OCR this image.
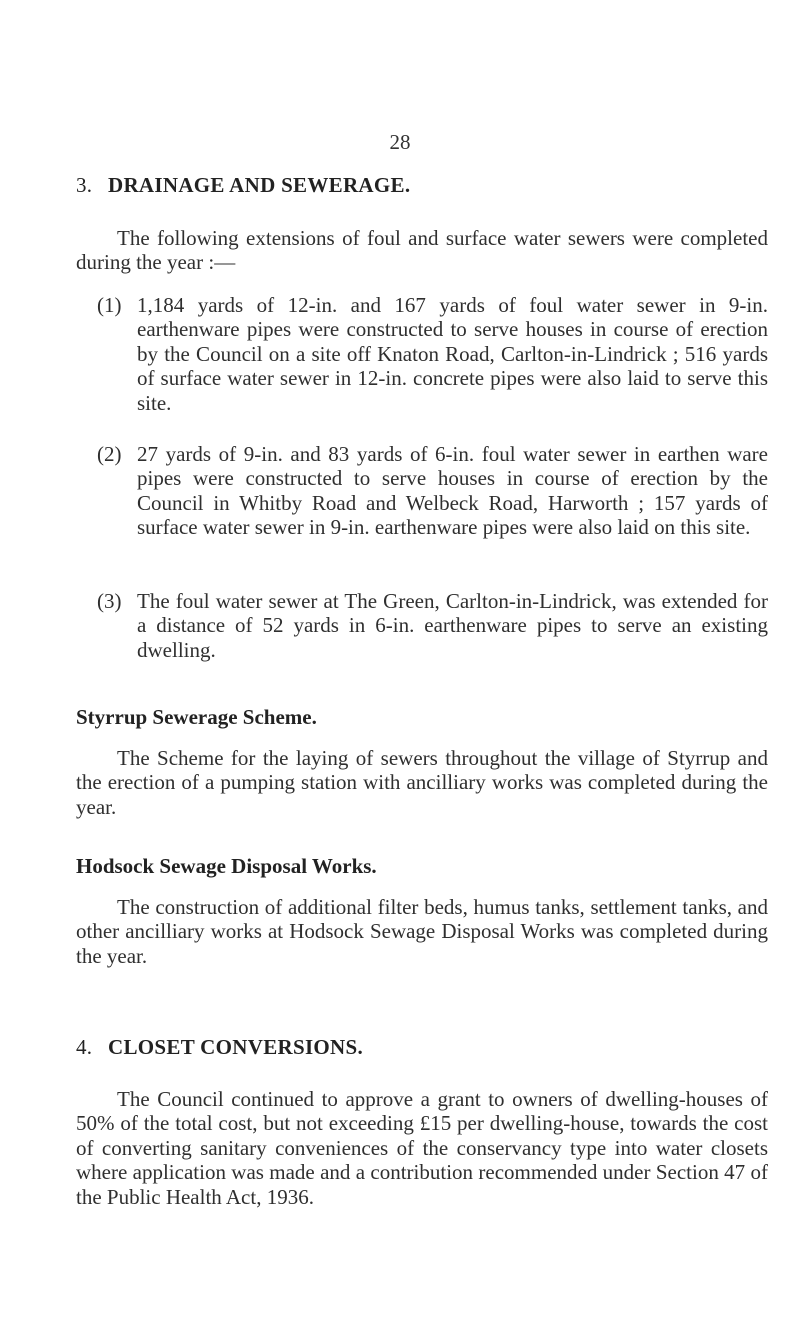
28
3. DRAINAGE AND SEWERAGE.
The following extensions of foul and surface water sewers were completed during the year :—
(1) 1,184 yards of 12-in. and 167 yards of foul water sewer in 9-in. earthenware pipes were constructed to serve houses in course of erection by the Council on a site off Knaton Road, Carlton-in-Lindrick ; 516 yards of surface water sewer in 12-in. concrete pipes were also laid to serve this site.
(2) 27 yards of 9-in. and 83 yards of 6-in. foul water sewer in earthen ware pipes were constructed to serve houses in course of erection by the Council in Whitby Road and Welbeck Road, Harworth ; 157 yards of surface water sewer in 9-in. earthenware pipes were also laid on this site.
(3) The foul water sewer at The Green, Carlton-in-Lindrick, was extended for a distance of 52 yards in 6-in. earthenware pipes to serve an existing dwelling.
Styrrup Sewerage Scheme.
The Scheme for the laying of sewers throughout the village of Styrrup and the erection of a pumping station with ancilliary works was completed during the year.
Hodsock Sewage Disposal Works.
The construction of additional filter beds, humus tanks, settlement tanks, and other ancilliary works at Hodsock Sewage Disposal Works was completed during the year.
4. CLOSET CONVERSIONS.
The Council continued to approve a grant to owners of dwelling-houses of 50% of the total cost, but not exceeding £15 per dwelling-house, towards the cost of converting sanitary conveniences of the conservancy type into water closets where application was made and a contribution recommended under Section 47 of the Public Health Act, 1936.
